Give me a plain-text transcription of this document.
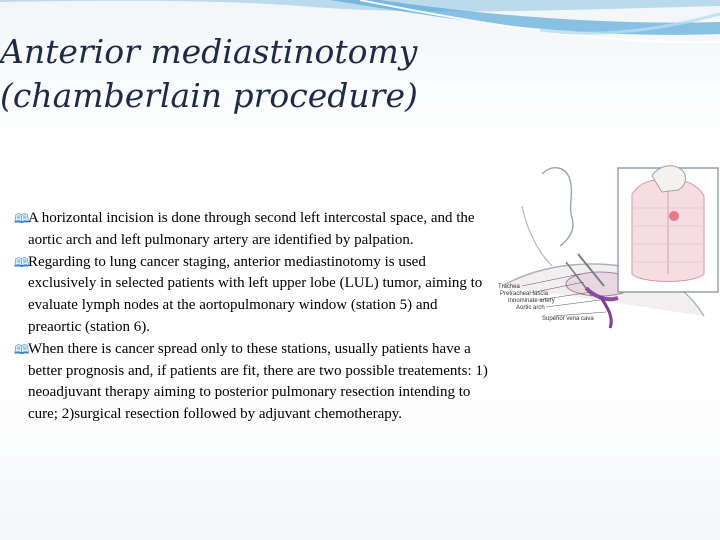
Anterior mediastinotomy (chamberlain procedure)
🕮
A horizontal incision is done through second left intercostal space, and the aortic arch and left pulmonary artery are identified by palpation.
🕮
Regarding to lung cancer staging, anterior mediastinotomy is used exclusively in selected patients with left upper lobe (LUL) tumor, aiming to evaluate lymph nodes at the aortopulmonary window (station 5) and preaortic (station 6).
🕮
When there is cancer spread only to these stations, usually patients have a better prognosis and, if patients are fit, there are two possible treatements: 1) neoadjuvant therapy aiming to posterior pulmonary resection intending to cure; 2)surgical resection followed by adjuvant chemotherapy.
Trachea
Pretracheal fascia
Innominate artery
Aortic arch
Superior vena cava
